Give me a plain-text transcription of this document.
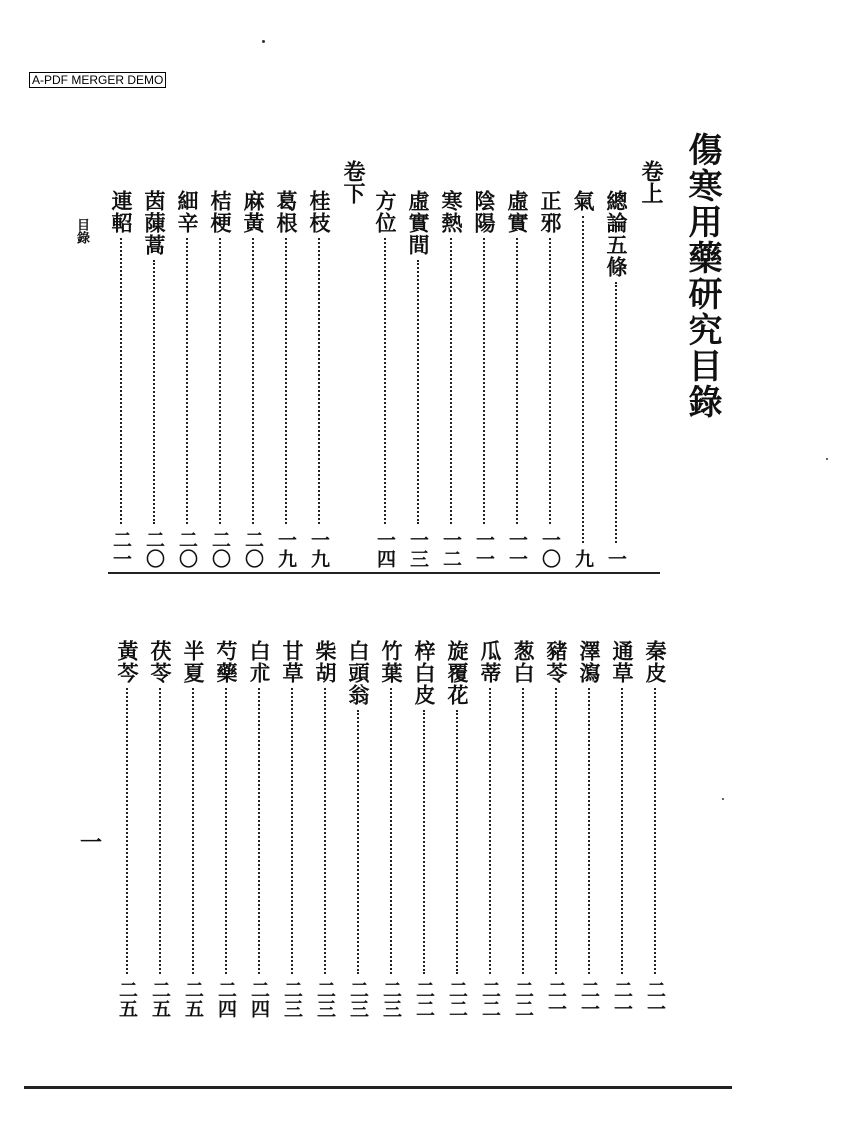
A-PDF MERGER DEMO
傷寒用藥研究目錄
卷上
卷下
目錄
一
總論五條
一
氣
九
正邪
一〇
虛實
一一
陰陽
一一
寒熱
一二
虛實間
一三
方位
一四
桂枝
一九
葛根
一九
麻黃
二〇
桔梗
二〇
細辛
二〇
茵蔯蒿
二〇
連軺
二一
秦皮
二一
通草
二一
澤瀉
二一
豬苓
二一
葱白
二二
瓜蒂
二二
旋覆花
二二
梓白皮
二二
竹葉
二三
白頭翁
二三
柴胡
二三
甘草
二三
白朮
二四
芍藥
二四
半夏
二五
茯苓
二五
黃芩
二五
